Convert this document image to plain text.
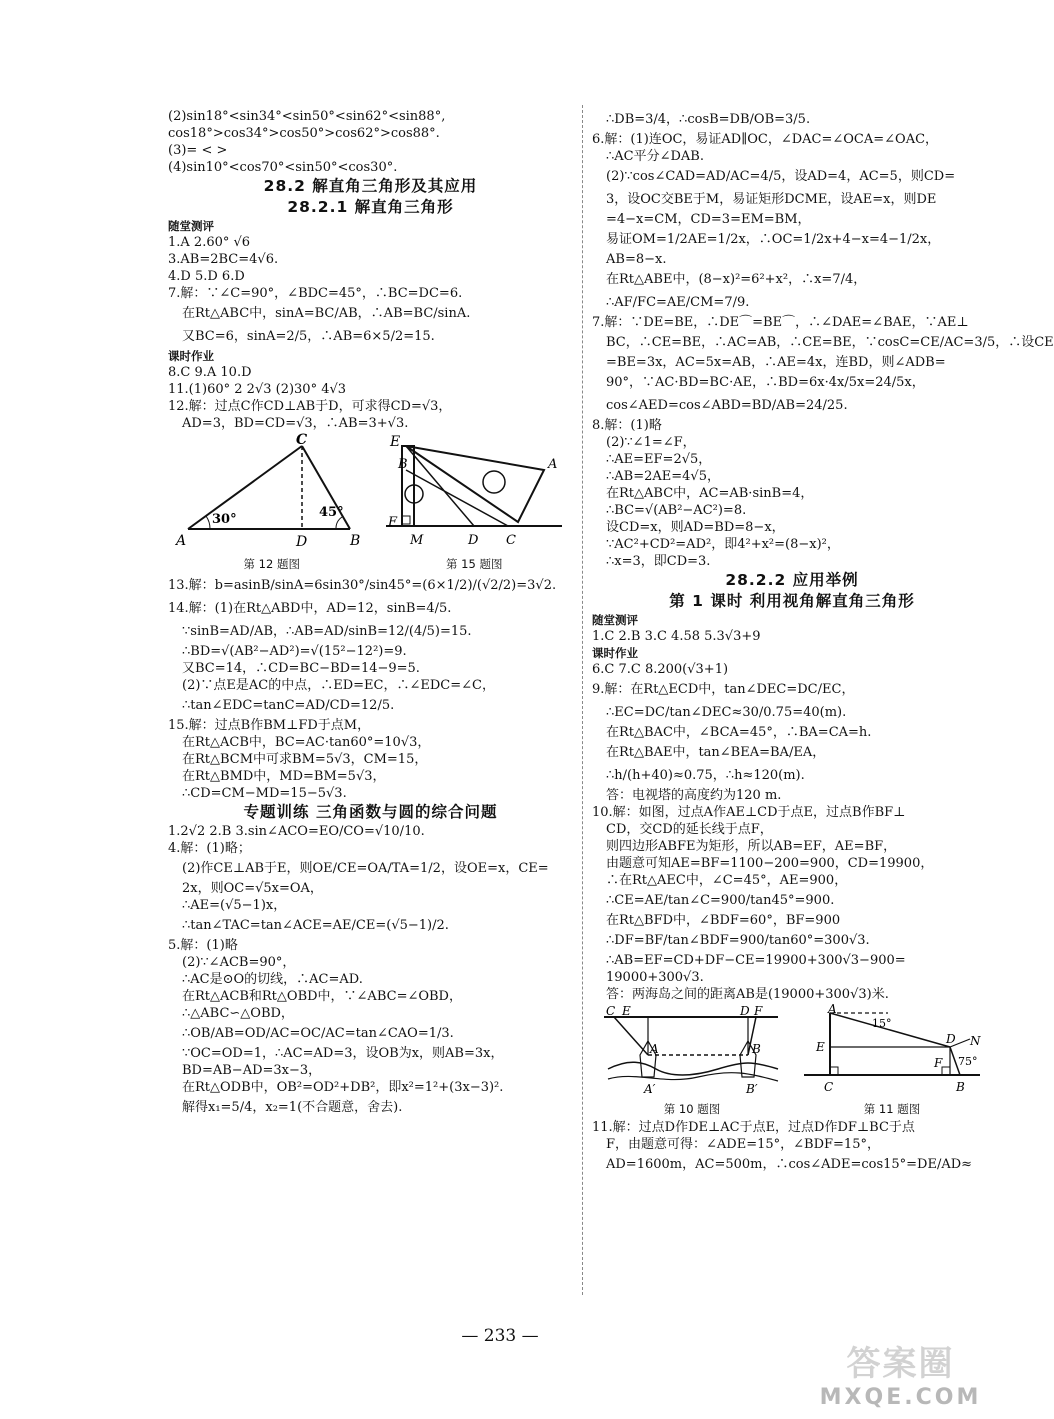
(2)sin18°<sin34°<sin50°<sin62°<sin88°,
cos18°>cos34°>cos50°>cos62°>cos88°.
(3)= < >
(4)sin10°<cos70°<sin50°<cos30°.
28.2 解直角三角形及其应用
28.2.1 解直角三角形
随堂测评
1.A 2.60° √6
3.AB=2BC=4√6.
4.D 5.D 6.D
7.解：∵∠C=90°，∠BDC=45°，∴BC=DC=6.
在Rt△ABC中，sinA=BC/AB，∴AB=BC/sinA.
又BC=6，sinA=2/5，∴AB=6×5/2=15.
课时作业
8.C 9.A 10.D
11.(1)60° 2 2√3 (2)30° 4√3
12.解：过点C作CD⊥AB于D，可求得CD=√3，
AD=3，BD=CD=√3，∴AB=3+√3.
A
C
D	B
30°	45°
第 12 题图
E
B
F
M	D C
A
第 15 题图
13.解：b=asinB/sinA=6sin30°/sin45°=(6×1/2)/(√2/2)=3√2.
14.解：(1)在Rt△ABD中，AD=12，sinB=4/5.
∵sinB=AD/AB，∴AB=AD/sinB=12/(4/5)=15.
∴BD=√(AB²−AD²)=√(15²−12²)=9.
又BC=14，∴CD=BC−BD=14−9=5.
(2)∵点E是AC的中点，∴ED=EC，∴∠EDC=∠C，
∴tan∠EDC=tanC=AD/CD=12/5.
15.解：过点B作BM⊥FD于点M，
在Rt△ACB中，BC=AC·tan60°=10√3，
在Rt△BCM中可求BM=5√3，CM=15，
在Rt△BMD中，MD=BM=5√3，
∴CD=CM−MD=15−5√3.
专题训练 三角函数与圆的综合问题
1.2√2 2.B 3.sin∠ACO=EO/CO=√10/10.
4.解：(1)略；
(2)作CE⊥AB于E，则OE/CE=OA/TA=1/2，设OE=x，CE=
2x，则OC=√5x=OA，
∴AE=(√5−1)x，
∴tan∠TAC=tan∠ACE=AE/CE=(√5−1)/2.
5.解：(1)略
(2)∵∠ACB=90°，
∴AC是⊙O的切线，∴AC=AD.
在Rt△ACB和Rt△OBD中，∵∠ABC=∠OBD，
∴△ABC∽△OBD，
∴OB/AB=OD/AC=OC/AC=tan∠CAO=1/3.
∵OC=OD=1，∴AC=AD=3，设OB为x，则AB=3x，
BD=AB−AD=3x−3，
在Rt△ODB中，OB²=OD²+DB²，即x²=1²+(3x−3)².
解得x₁=5/4，x₂=1(不合题意，舍去).
∴DB=3/4，∴cosB=DB/OB=3/5.
6.解：(1)连OC，易证AD∥OC，∠DAC=∠OCA=∠OAC，
∴AC平分∠DAB.
(2)∵cos∠CAD=AD/AC=4/5，设AD=4，AC=5，则CD=
3，设OC交BE于M，易证矩形DCME，设AE=x，则DE
=4−x=CM，CD=3=EM=BM，
易证OM=1/2AE=1/2x，∴OC=1/2x+4−x=4−1/2x，
AB=8−x.
在Rt△ABE中，(8−x)²=6²+x²，∴x=7/4，
∴AF/FC=AE/CM=7/9.
7.解：∵DE=BE，∴DE⌒=BE⌒，∴∠DAE=∠BAE，∵AE⊥
BC，∴CE=BE，∴AC=AB，∴CE=BE，∵cosC=CE/AC=3/5，∴设CE
=BE=3x，AC=5x=AB，∴AE=4x，连BD，则∠ADB=
90°，∵AC·BD=BC·AE，∴BD=6x·4x/5x=24/5x，
cos∠AED=cos∠ABD=BD/AB=24/25.
8.解：(1)略
(2)∵∠1=∠F，
∴AE=EF=2√5，
∴AB=2AE=4√5，
在Rt△ABC中，AC=AB·sinB=4，
∴BC=√(AB²−AC²)=8.
设CD=x，则AD=BD=8−x，
∵AC²+CD²=AD²，即4²+x²=(8−x)²，
∴x=3，即CD=3.
28.2.2 应用举例
第 1 课时 利用视角解直角三角形
随堂测评
1.C 2.B 3.C 4.58 5.3√3+9
课时作业
6.C 7.C 8.200(√3+1)
9.解：在Rt△ECD中，tan∠DEC=DC/EC，
∴EC=DC/tan∠DEC≈30/0.75=40(m).
在Rt△BAC中，∠BCA=45°，∴BA=CA=h.
在Rt△BAE中，tan∠BEA=BA/EA，
∴h/(h+40)≈0.75，∴h≈120(m).
答：电视塔的高度约为120 m.
10.解：如图，过点A作AE⊥CD于点E，过点B作BF⊥
CD，交CD的延长线于点F，
则四边形ABFE为矩形，所以AB=EF，AE=BF，
由题意可知AE=BF=1100−200=900，CD=19900，
∴在Rt△AEC中，∠C=45°，AE=900，
∴CE=AE/tan∠C=900/tan45°=900.
在Rt△BFD中，∠BDF=60°，BF=900
∴DF=BF/tan∠BDF=900/tan60°=300√3.
∴AB=EF=CD+DF−CE=19900+300√3−900=
19000+300√3.
答：两海岛之间的距离AB是(19000+300√3)米.
C E	D F
A	B
A′	B′
第 10 题图
A
E
C	B
D N
F
15°
75°
第 11 题图
11.解：过点D作DE⊥AC于点E，过点D作DF⊥BC于点
F，由题意可得：∠ADE=15°，∠BDF=15°，
AD=1600m，AC=500m，∴cos∠ADE=cos15°=DE/AD≈
— 233 —
答案圈
MXQE.COM
